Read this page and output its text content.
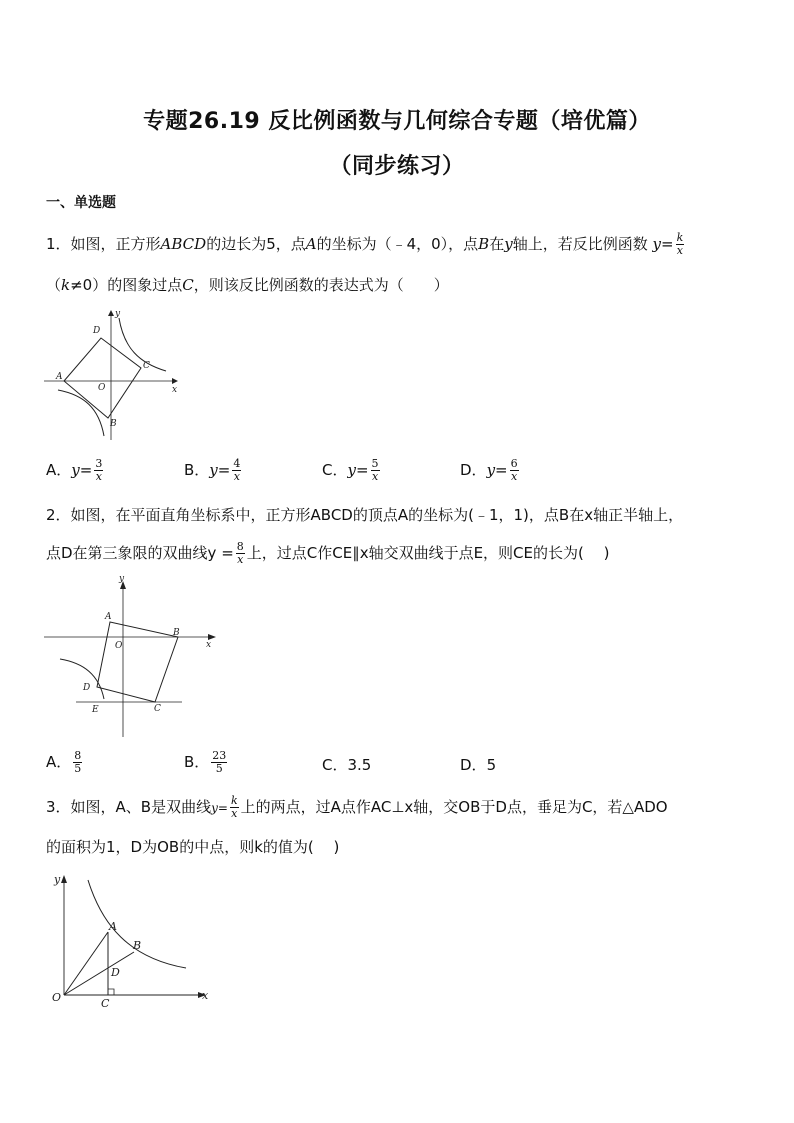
专题26.19 反比例函数与几何综合专题（培优篇）
（同步练习）
一、单选题
1．如图，正方形ABCD的边长为5，点A的坐标为（﹣4，0），点B在y轴上，若反比例函数 $y= \frac{k}{x}$
（k≠0）的图象过点C，则该反比例函数的表达式为（　　）
D
A
O
C
B
x
y
A．$y= \frac{3}{x}$	B．$y= \frac{4}{x}$	C．$y= \frac{5}{x}$	D．$y= \frac{6}{x}$
2．如图，在平面直角坐标系中，正方形ABCD的顶点A的坐标为(﹣1，1)，点B在x轴正半轴上，
点D在第三象限的双曲线$y = \frac{8}{x}$ 上，过点C作CE∥x轴交双曲线于点E，则CE的长为(　 )
y
A
B
O	x
D
E	C
A． $\frac{8}{5}$	B． $\frac{23}{5}$	C．3.5	D．5
3．如图，A、B是双曲线$y= \frac{k}{x}$ 上的两点，过A点作AC⊥x轴，交OB于D点，垂足为C，若△ADO
的面积为1，D为OB的中点，则k的值为(　 )
y
A
B
D
O	C
x
